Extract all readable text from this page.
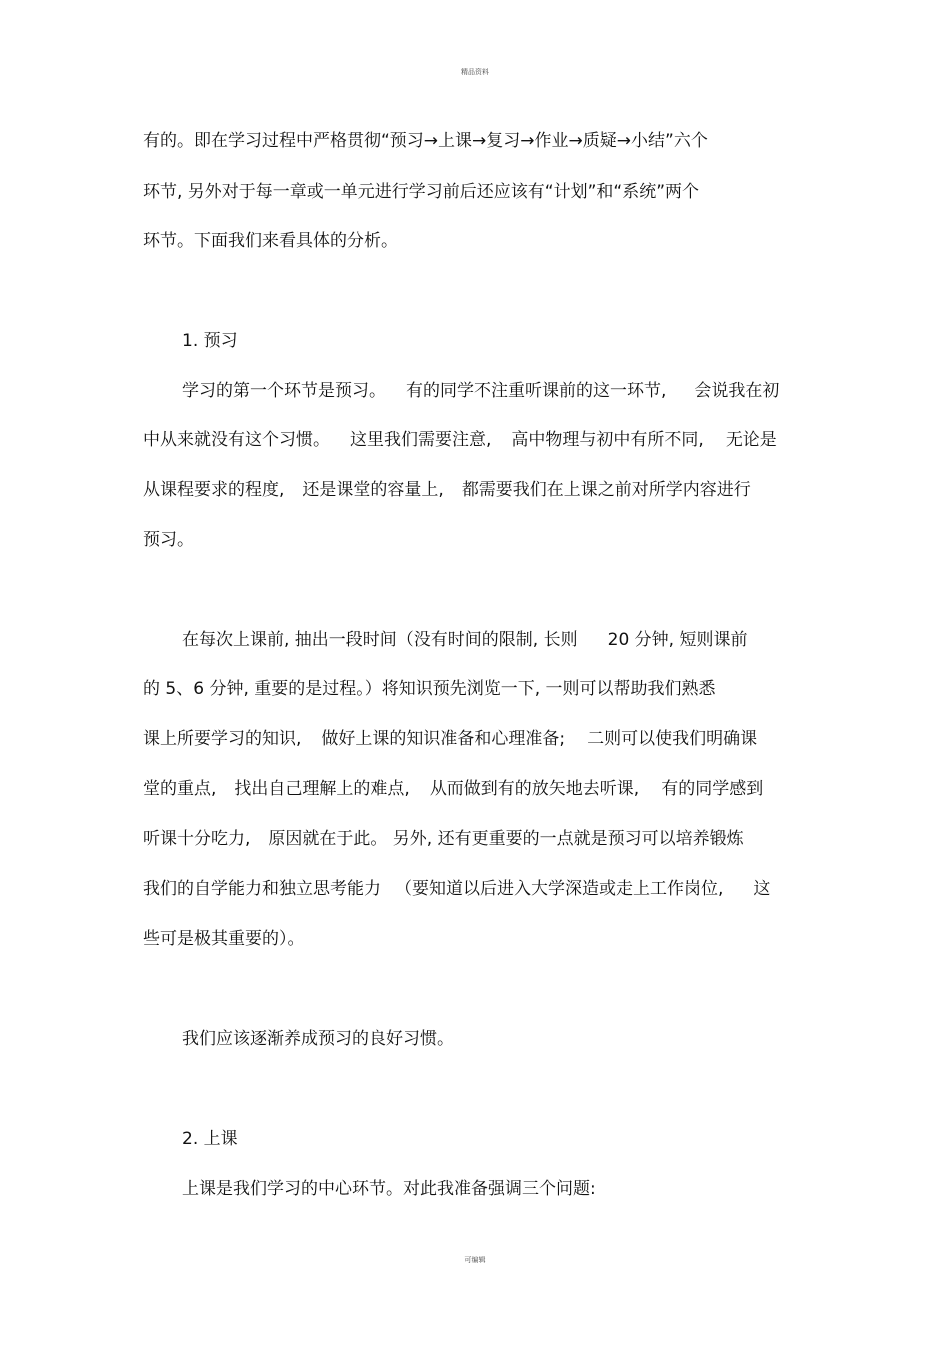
精品资料
有的。即在学习过程中严格贯彻“预习→上课→复习→作业→质疑→小结”六个
环节, 另外对于每一章或一单元进行学习前后还应该有“计划”和“系统”两个
环节。下面我们来看具体的分析。
1. 预习
学习的第一个环节是预习。 有的同学不注重听课前的这一环节, 会说我在初
中从来就没有这个习惯。 这里我们需要注意, 高中物理与初中有所不同, 无论是
从课程要求的程度, 还是课堂的容量上, 都需要我们在上课之前对所学内容进行
预习。
在每次上课前, 抽出一段时间（没有时间的限制, 长则 20 分钟, 短则课前
的 5、6 分钟, 重要的是过程。）将知识预先浏览一下, 一则可以帮助我们熟悉
课上所要学习的知识, 做好上课的知识准备和心理准备; 二则可以使我们明确课
堂的重点, 找出自己理解上的难点, 从而做到有的放矢地去听课, 有的同学感到
听课十分吃力, 原因就在于此。 另外, 还有更重要的一点就是预习可以培养锻炼
我们的自学能力和独立思考能力 （要知道以后进入大学深造或走上工作岗位, 这
些可是极其重要的）。
我们应该逐渐养成预习的良好习惯。
2. 上课
上课是我们学习的中心环节。对此我准备强调三个问题:
可编辑
